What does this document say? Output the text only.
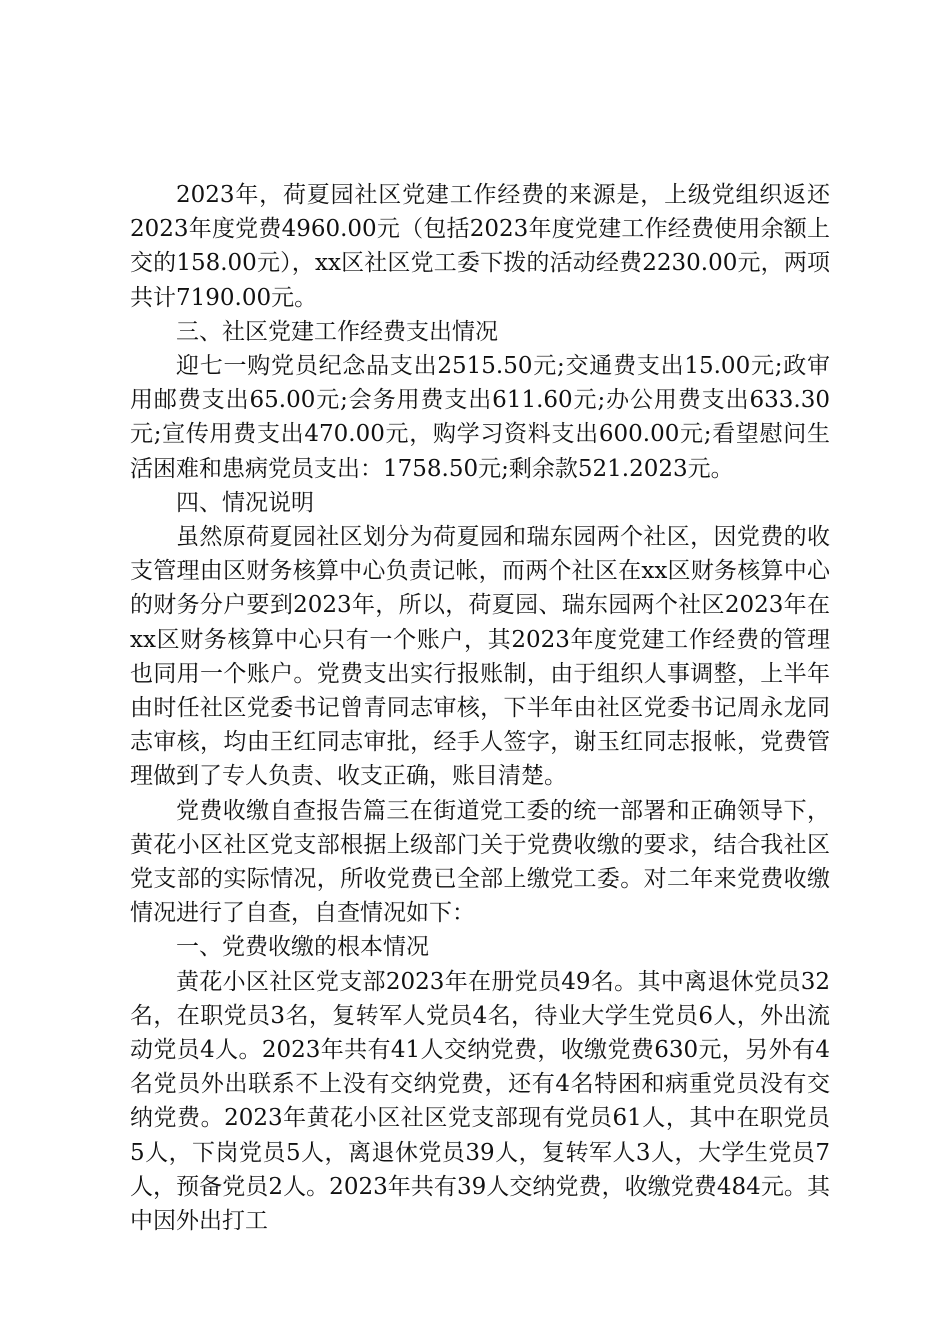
2023年，荷夏园社区党建工作经费的来源是，上级党组织返还2023年度党费4960.00元（包括2023年度党建工作经费使用余额上交的158.00元），xx区社区党工委下拨的活动经费2230.00元，两项共计7190.00元。

三、社区党建工作经费支出情况

迎七一购党员纪念品支出2515.50元;交通费支出15.00元;政审用邮费支出65.00元;会务用费支出611.60元;办公用费支出633.30元;宣传用费支出470.00元，购学习资料支出600.00元;看望慰问生活困难和患病党员支出：1758.50元;剩余款521.2023元。

四、情况说明

虽然原荷夏园社区划分为荷夏园和瑞东园两个社区，因党费的收支管理由区财务核算中心负责记帐，而两个社区在xx区财务核算中心的财务分户要到2023年，所以，荷夏园、瑞东园两个社区2023年在xx区财务核算中心只有一个账户，其2023年度党建工作经费的管理也同用一个账户。党费支出实行报账制，由于组织人事调整，上半年由时任社区党委书记曾青同志审核，下半年由社区党委书记周永龙同志审核，均由王红同志审批，经手人签字，谢玉红同志报帐，党费管理做到了专人负责、收支正确，账目清楚。

党费收缴自查报告篇三在街道党工委的统一部署和正确领导下，黄花小区社区党支部根据上级部门关于党费收缴的要求，结合我社区党支部的实际情况，所收党费已全部上缴党工委。对二年来党费收缴情况进行了自查，自查情况如下：

一、党费收缴的根本情况

黄花小区社区党支部2023年在册党员49名。其中离退休党员32名，在职党员3名，复转军人党员4名，待业大学生党员6人，外出流动党员4人。2023年共有41人交纳党费，收缴党费630元，另外有4名党员外出联系不上没有交纳党费，还有4名特困和病重党员没有交纳党费。2023年黄花小区社区党支部现有党员61人，其中在职党员5人，下岗党员5人，离退休党员39人，复转军人3人，大学生党员7人，预备党员2人。2023年共有39人交纳党费，收缴党费484元。其中因外出打工
